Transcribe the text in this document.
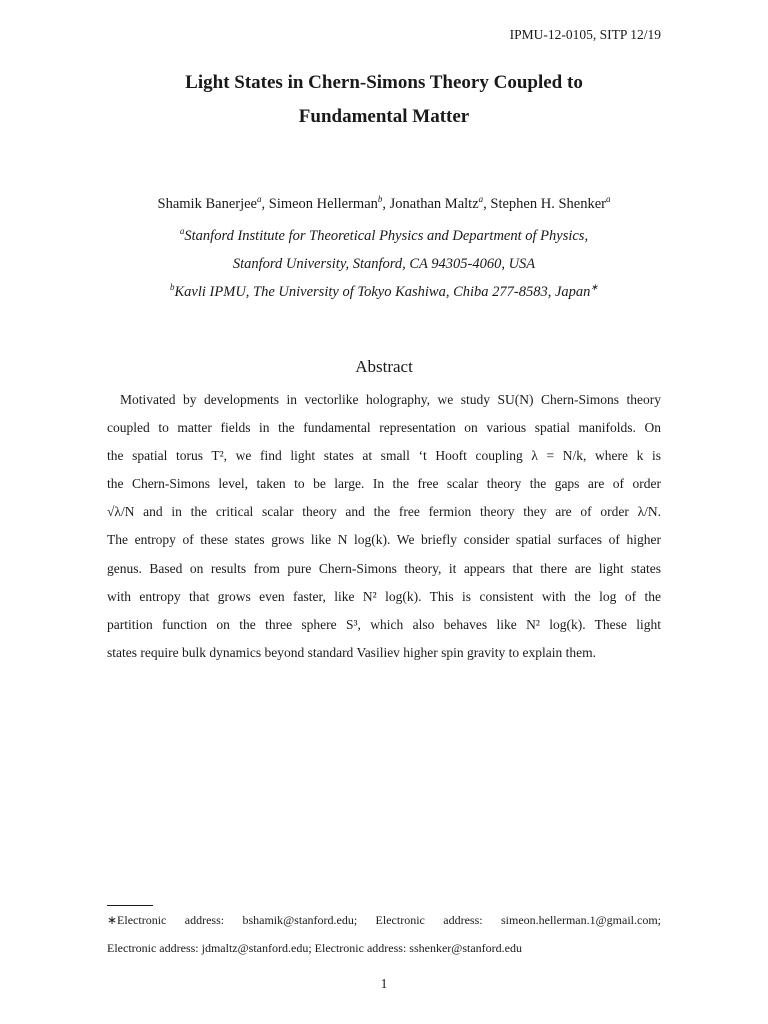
IPMU-12-0105, SITP 12/19
Light States in Chern-Simons Theory Coupled to
Fundamental Matter
Shamik Banerjee$^a$, Simeon Hellerman$^b$, Jonathan Maltz$^a$, Stephen H. Shenker$^a$
$^a$Stanford Institute for Theoretical Physics and Department of Physics,
Stanford University, Stanford, CA 94305-4060, USA
$^b$Kavli IPMU, The University of Tokyo Kashiwa, Chiba 277-8583, Japan∗
Abstract
Motivated by developments in vectorlike holography, we study SU(N) Chern-Simons theory
coupled to matter fields in the fundamental representation on various spatial manifolds. On
the spatial torus T², we find light states at small ‘t Hooft coupling λ = N/k, where k is
the Chern-Simons level, taken to be large. In the free scalar theory the gaps are of order
√λ/N and in the critical scalar theory and the free fermion theory they are of order λ/N.
The entropy of these states grows like N log(k). We briefly consider spatial surfaces of higher
genus. Based on results from pure Chern-Simons theory, it appears that there are light states
with entropy that grows even faster, like N² log(k). This is consistent with the log of the
partition function on the three sphere S³, which also behaves like N² log(k). These light
states require bulk dynamics beyond standard Vasiliev higher spin gravity to explain them.
∗Electronic address: bshamik@stanford.edu; Electronic address: simeon.hellerman.1@gmail.com;
Electronic address: jdmaltz@stanford.edu; Electronic address: sshenker@stanford.edu
1
